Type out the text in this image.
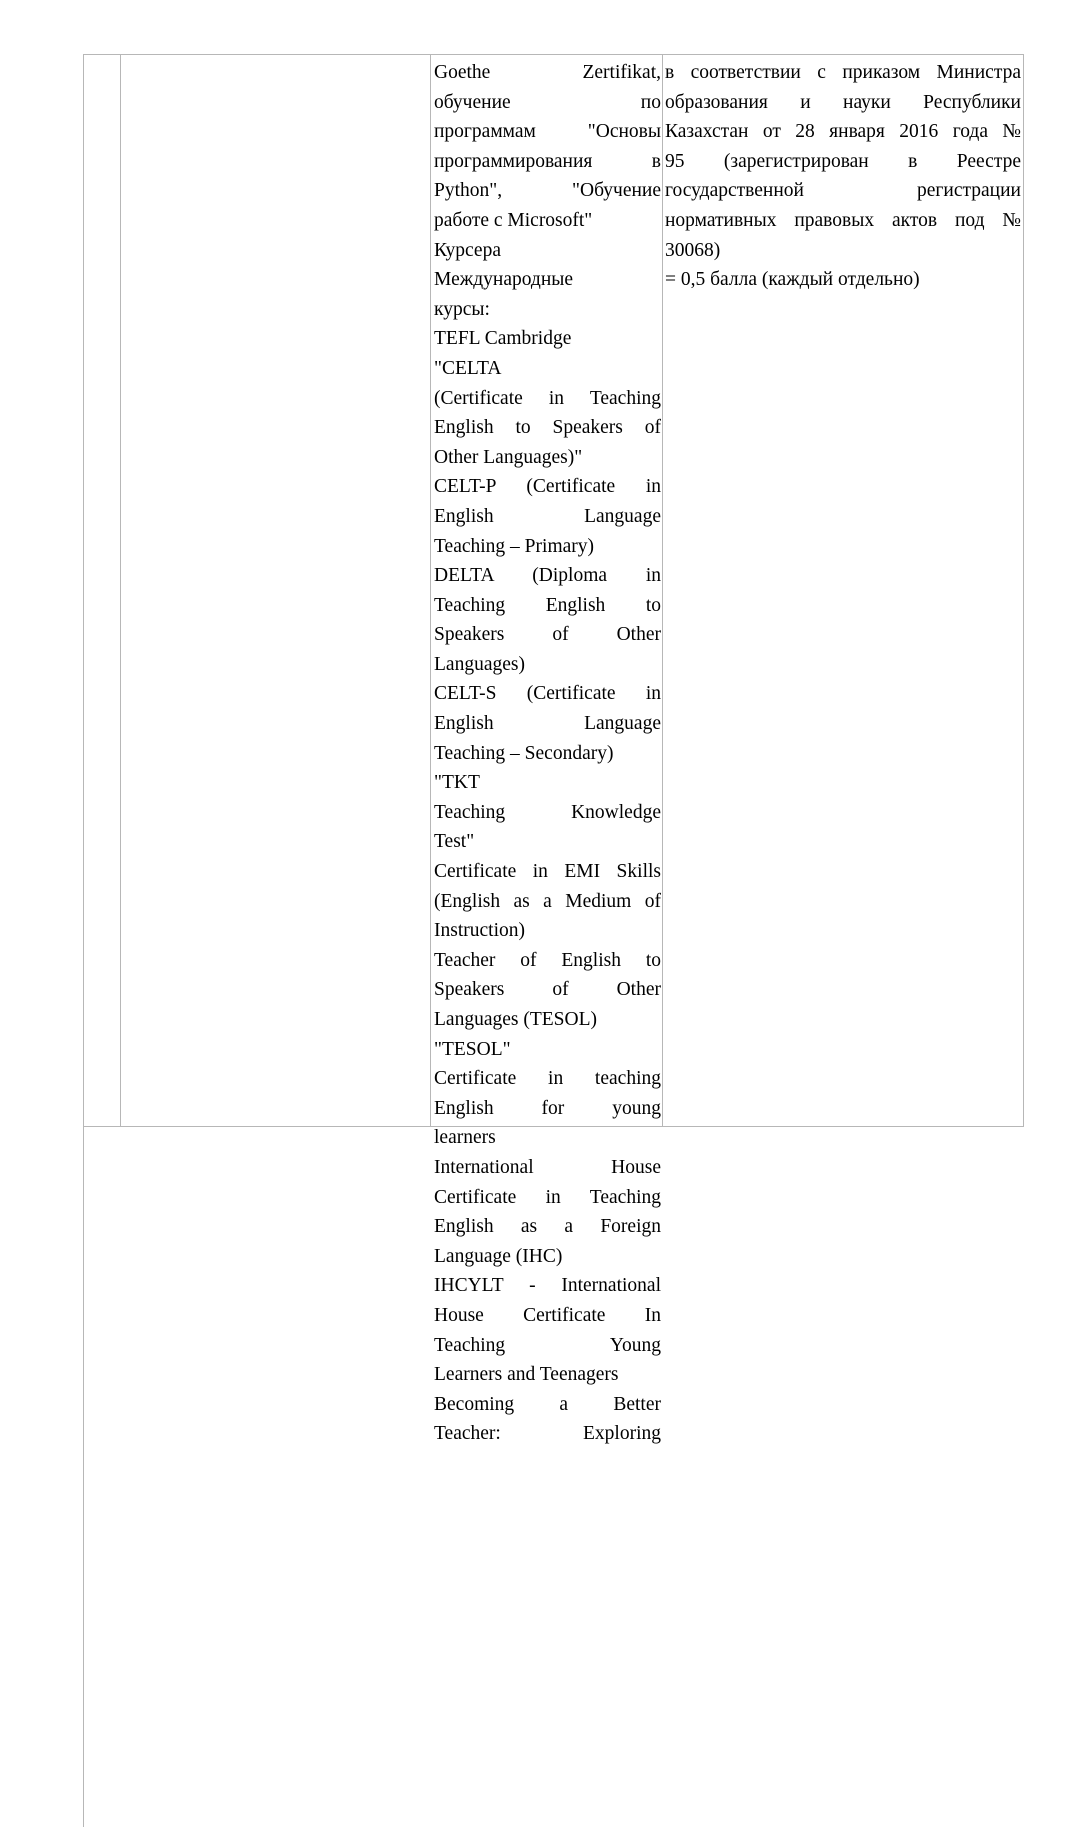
Goethe Zertifikat,
обучение по
программам "Основы
программирования в
Python", "Обучение
работе с Microsoft"
Курсера
Международные
курсы:
TEFL Cambridge
"CELTA
(Certificate in Teaching
English to Speakers of
Other Languages)"
CELT-P (Certificate in
English Language
Teaching – Primary)
DELTA (Diploma in
Teaching English to
Speakers of Other
Languages)
CELT-S (Certificate in
English Language
Teaching – Secondary)
"TKT
Teaching Knowledge
Test"
Certificate in EMI Skills
(English as a Medium of
Instruction)
Teacher of English to
Speakers of Other
Languages (TESOL)
"TESOL"
Certificate in teaching
English for young
learners
International House
Certificate in Teaching
English as a Foreign
Language (IHC)
IHCYLT - International
House Certificate In
Teaching Young
Learners and Teenagers
Becoming a Better
Teacher: Exploring
в соответствии с приказом Министра
образования и науки Республики
Казахстан от 28 января 2016 года №
95 (зарегистрирован в Реестре
государственной регистрации
нормативных правовых актов под №
30068)
= 0,5 балла (каждый отдельно)
